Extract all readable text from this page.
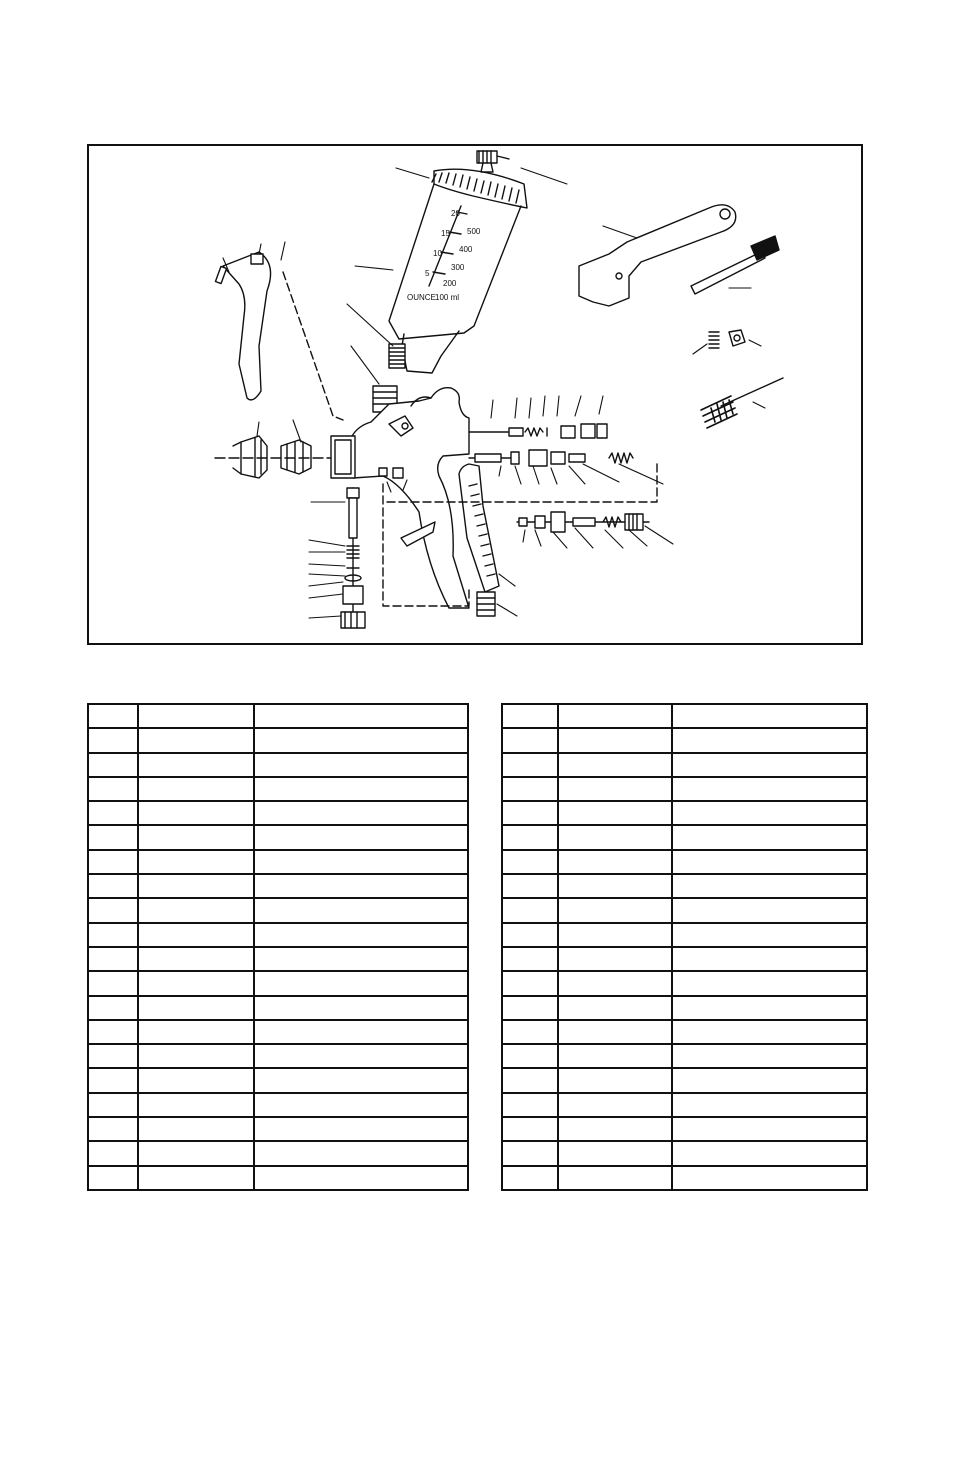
20
15
10
5
500
400
300
200
100 ml
OUNCE
